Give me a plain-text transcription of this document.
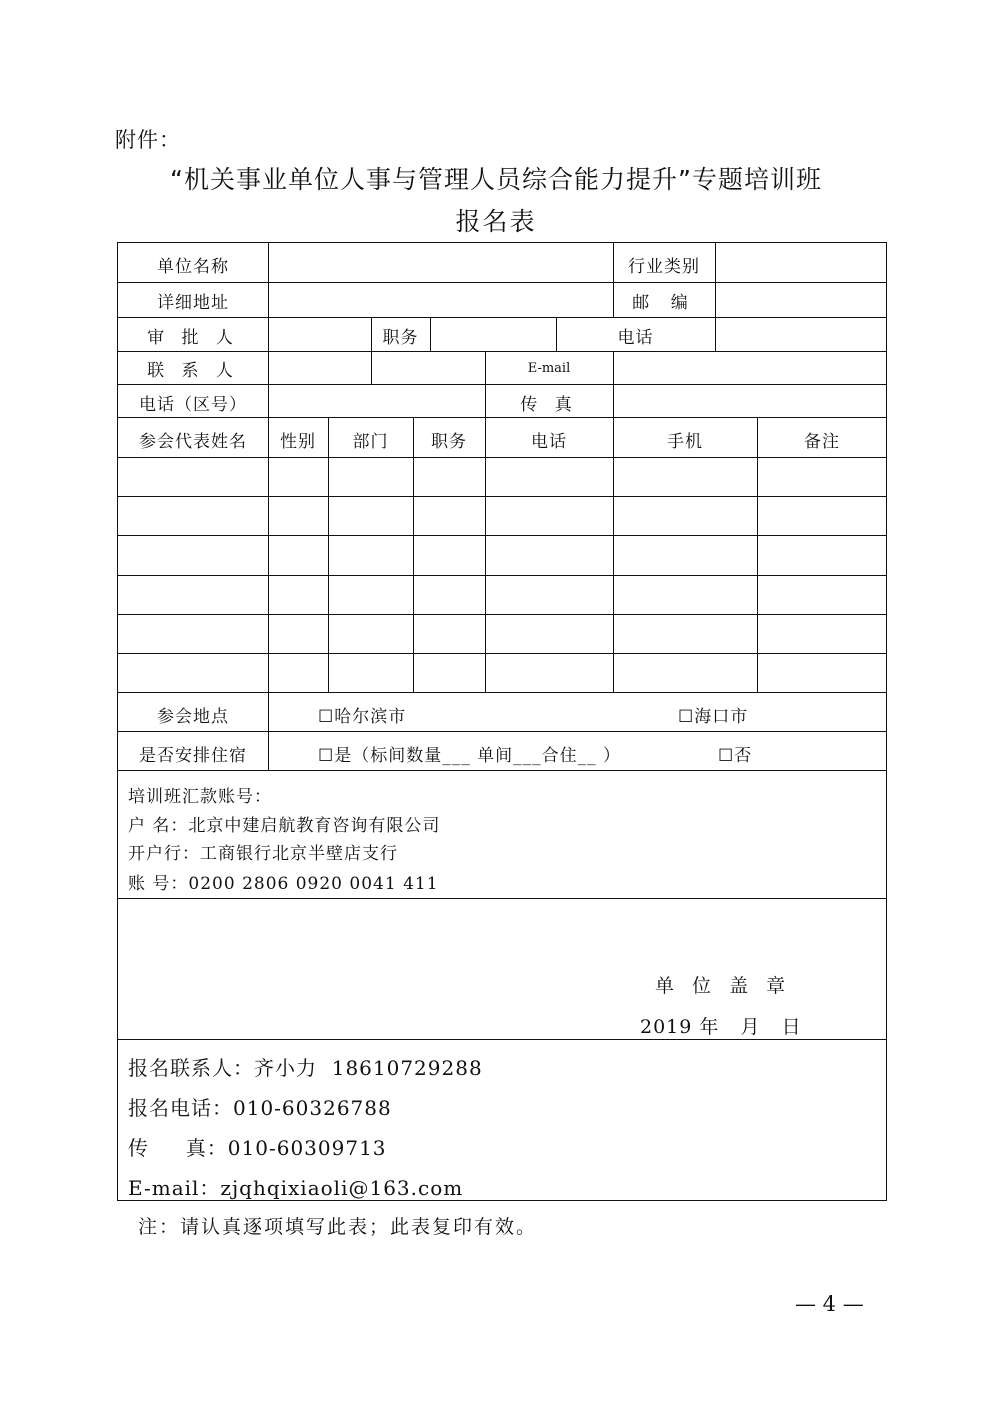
附件：
“机关事业单位人事与管理人员综合能力提升”专题培训班
报名表
单位名称	行业类别
详细地址	邮 编
审 批 人	职务	电话
联 系 人	E-mail
电话（区号）	传 真
参会代表姓名	性别	部门	职务	电话	手机	备注
参会地点	☐哈尔滨市	☐海口市
是否安排住宿	☐是（标间数量___ 单间___合住__ ）	☐否
培训班汇款账号：
户 名：北京中建启航教育咨询有限公司
开户行：工商银行北京半壁店支行
账 号：0200 2806 0920 0041 411
单 位 盖 章
2019 年   月   日
报名联系人：齐小力  18610729288
报名电话：010-60326788
传     真：010-60309713
E-mail：zjqhqixiaoli@163.com
注：请认真逐项填写此表；此表复印有效。
— 4 —
